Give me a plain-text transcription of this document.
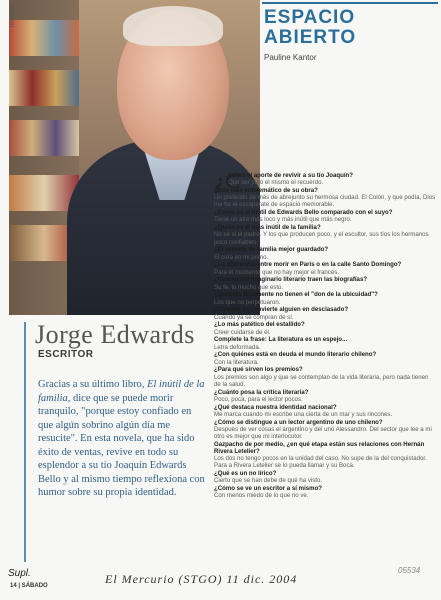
rmedios	ESPACIO
ABIERTO
Pauline Kantor
Jorge Edwards
ESCRITOR
Gracias a su último libro, El inútil de la familia, dice que se puede morir tranquilo, "porque estoy confiado en que algún sobrino algún día me resucite". En esta novela, que ha sido éxito de ventas, revive en todo su esplendor a su tío Joaquín Edwards Bello y al mismo tiempo reflexiona con humor sobre su propia identidad.
¿C
uál es el aporte de revivir a su tío Joaquín?
Que ser puto el mismo el recuerdo.
¿Y lo más emblemático de su obra?
Un preferido de más de abrejunto su hermosa ciudad. El Colón, y que podía, Dios me ha el escaparate de espacio memorable.
¿Cómo es el inútil de Edwards Bello comparado con el suyo?
Tiene un aire más loco y más inútil que más negro.
¿Quién es el más inútil de la familia?
No sé si el padre. Y los que producen poco, y el escultor, sus tíos los hermanos poco confiables.
¿El secreto de familia mejor guardado?
El cura en mi primo.
¿La diferencia entre morir en París o en la calle Santo Domingo?
Para el momento que no hay mejor el francés.
¿Cuánto del imaginario literario traen las biografías?
Su fe, lo mucho que esto.
¿Quiénes finalmente no tienen el "don de la ubicuidad"?
Los que no perpetuaron.
¿Cuando se convierte alguien en desclasado?
Cuando ya se compran de sí.
¿Lo más patético del estallido?
Creer cuidarse de él.
Complete la frase: La literatura es un espejo...
Letra deformada.
¿Con quiénes está en deuda el mundo literario chileno?
Con la literatura.
¿Para qué sirven los premios?
Los premios son algo y que se contemplan de la vida literaria, pero nada tienen de la salud.
¿Cuánto posa la crítica literaria?
Poco, poca, para el lector pocos.
¿Qué destaca nuestra identidad nacional?
Me marca cuando mi escribe una cierta de un mar y sus rincones.
¿Cómo se distingue a un lector argentino de uno chileno?
Después de ver cosas el argentino y del uno Alessandro. Del sector que lee a mi otro es mejor que mi interlocutor.
Gazpacho de por medio, ¿en qué etapa están sus relaciones con Hernán Rivera Letelier?
Los dos no tengo pocos en la unidad del caso. No supe de la del conquistador. Para a Rivera Letelier se lo pueda llamar y su Boca.
¿Qué es un no lírico?
Cierto que se han debe de qué ha visto.
¿Cómo se ve un escritor a sí mismo?
Con menos miedo de lo que no ve.
Supl.
14 | SÁBADO	El Mercurio (STGO) 11 dic. 2004
05534
